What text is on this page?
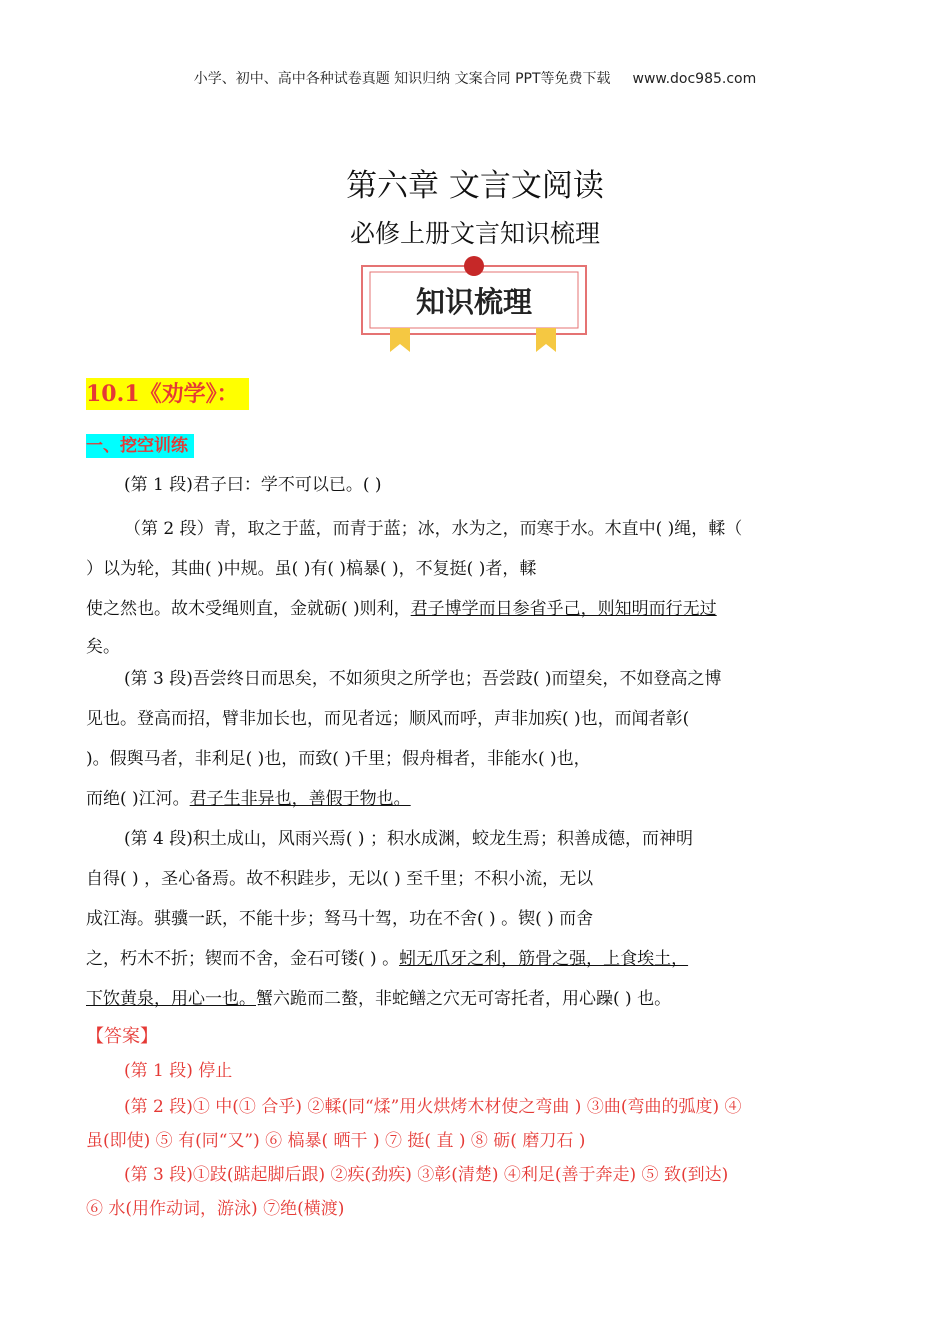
小学、初中、高中各种试卷真题 知识归纳 文案合同 PPT等免费下载 www.doc985.com
第六章 文言文阅读
必修上册文言知识梳理
知识梳理
10.1《劝学》：
一、挖空训练
(第 1 段)君子曰：学不可以已。( )
（第 2 段）青，取之于蓝，而青于蓝；冰，水为之，而寒于水。木直中( )绳，輮（
）以为轮，其曲( )中规。虽( )有( )槁暴( )，不复挺( )者，輮
使之然也。故木受绳则直，金就砺( )则利，君子博学而日参省乎己，则知明而行无过
矣。
(第 3 段)吾尝终日而思矣，不如须臾之所学也；吾尝跂( )而望矣，不如登高之博
见也。登高而招，臂非加长也，而见者远；顺风而呼，声非加疾( )也，而闻者彰(
)。假舆马者，非利足( )也，而致( )千里；假舟楫者，非能水( )也，
而绝( )江河。君子生非异也，善假于物也。
(第 4 段)积土成山，风雨兴焉( ) ；积水成渊，蛟龙生焉；积善成德，而神明
自得( ) ，圣心备焉。故不积跬步，无以( ) 至千里；不积小流，无以
成江海。骐骥一跃，不能十步；驽马十驾，功在不舍( ) 。锲( ) 而舍
之，朽木不折；锲而不舍，金石可镂( ) 。蚓无爪牙之利，筋骨之强，上食埃土，
下饮黄泉，用心一也。蟹六跪而二螯，非蛇鳝之穴无可寄托者，用心躁( ) 也。
【答案】
(第 1 段) 停止
(第 2 段)① 中(① 合乎) ②輮(同“煣”用火烘烤木材使之弯曲 ) ③曲(弯曲的弧度) ④
虽(即使) ⑤ 有(同“又”) ⑥ 槁暴( 晒干 ) ⑦ 挺( 直 ) ⑧ 砺( 磨刀石 )
(第 3 段)①跂(踮起脚后跟) ②疾(劲疾) ③彰(清楚) ④利足(善于奔走) ⑤ 致(到达)
⑥ 水(用作动词，游泳) ⑦绝(横渡)
